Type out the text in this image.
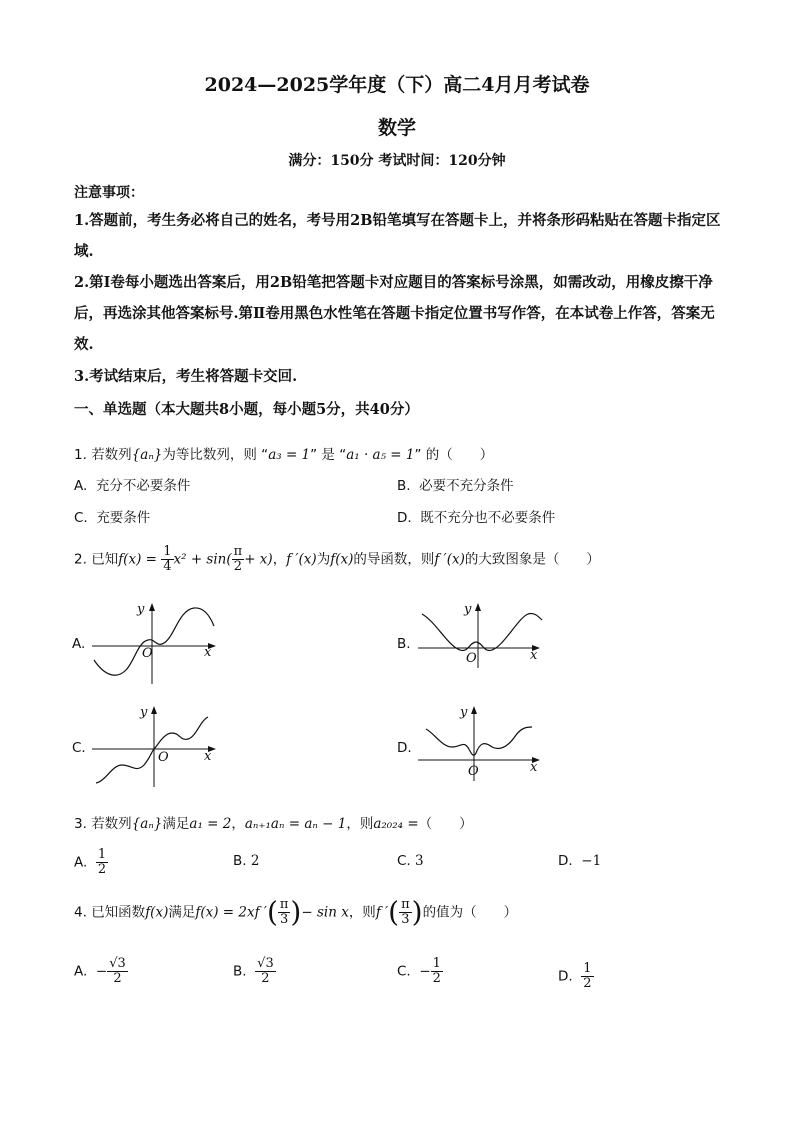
2024—2025学年度（下）高二4月月考试卷
数学
满分：150分 考试时间：120分钟
注意事项：
1.答题前，考生务必将自己的姓名，考号用2B铅笔填写在答题卡上，并将条形码粘贴在答题卡指定区域.
2.第Ⅰ卷每小题选出答案后，用2B铅笔把答题卡对应题目的答案标号涂黑，如需改动，用橡皮擦干净后，再选涂其他答案标号.第Ⅱ卷用黑色水性笔在答题卡指定位置书写作答，在本试卷上作答，答案无效.
3.考试结束后，考生将答题卡交回.
一、单选题（本大题共8小题，每小题5分，共40分）
1. 若数列{aₙ}为等比数列，则 “a₃ = 1” 是 “a₁ · a₅ = 1” 的（　　）
A. 充分不必要条件	B. 必要不充分条件
C. 充要条件	D. 既不充分也不必要条件
2. 已知$f(x) = \frac{1}{4} x^2 + \sin( \frac{\pi}{2} + x)$，f ′(x)为f(x)的导函数，则f ′(x)的大致图象是（　　）
A.
y
x
O
B.
y
x
O
C.
y
x
O
D.
y
x
O
3. 若数列{aₙ}满足a₁ = 2，aₙ₊₁aₙ = aₙ − 1，则a₂₀₂₄ =（　　）
A. $\frac{1}{2}$	B. 2	C. 3	D. −1
4. 已知函数f(x)满足f(x) = 2xf ′( $\frac{\pi}{3}$ )− sin x，则f ′( $\frac{\pi}{3}$ )的值为（　　）
A. − $\frac{√3}{2}$	B. $\frac{√3}{2}$	C. − $\frac{1}{2}$	D. $\frac{1}{2}$
